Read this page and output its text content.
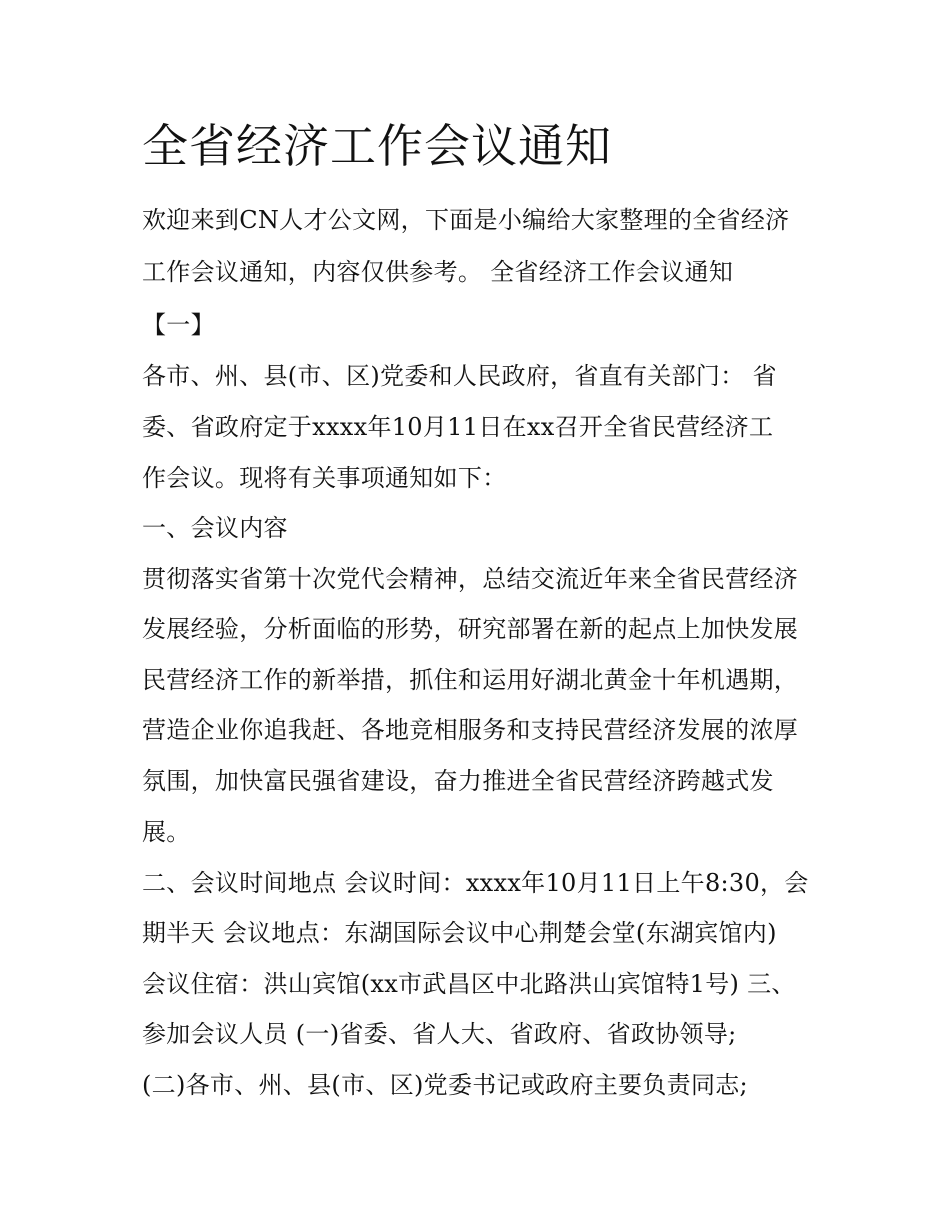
全省经济工作会议通知
欢迎来到CN人才公文网，下面是小编给大家整理的全省经济
工作会议通知，内容仅供参考。 全省经济工作会议通知
【一】
各市、州、县(市、区)党委和人民政府，省直有关部门： 省
委、省政府定于xxxx年10月11日在xx召开全省民营经济工
作会议。现将有关事项通知如下：
一、会议内容
贯彻落实省第十次党代会精神，总结交流近年来全省民营经济
发展经验，分析面临的形势，研究部署在新的起点上加快发展
民营经济工作的新举措，抓住和运用好湖北黄金十年机遇期，
营造企业你追我赶、各地竞相服务和支持民营经济发展的浓厚
氛围，加快富民强省建设，奋力推进全省民营经济跨越式发
展。
二、会议时间地点 会议时间：xxxx年10月11日上午8:30，会
期半天 会议地点：东湖国际会议中心荆楚会堂(东湖宾馆内)
会议住宿：洪山宾馆(xx市武昌区中北路洪山宾馆特1号) 三、
参加会议人员 (一)省委、省人大、省政府、省政协领导;
(二)各市、州、县(市、区)党委书记或政府主要负责同志;
